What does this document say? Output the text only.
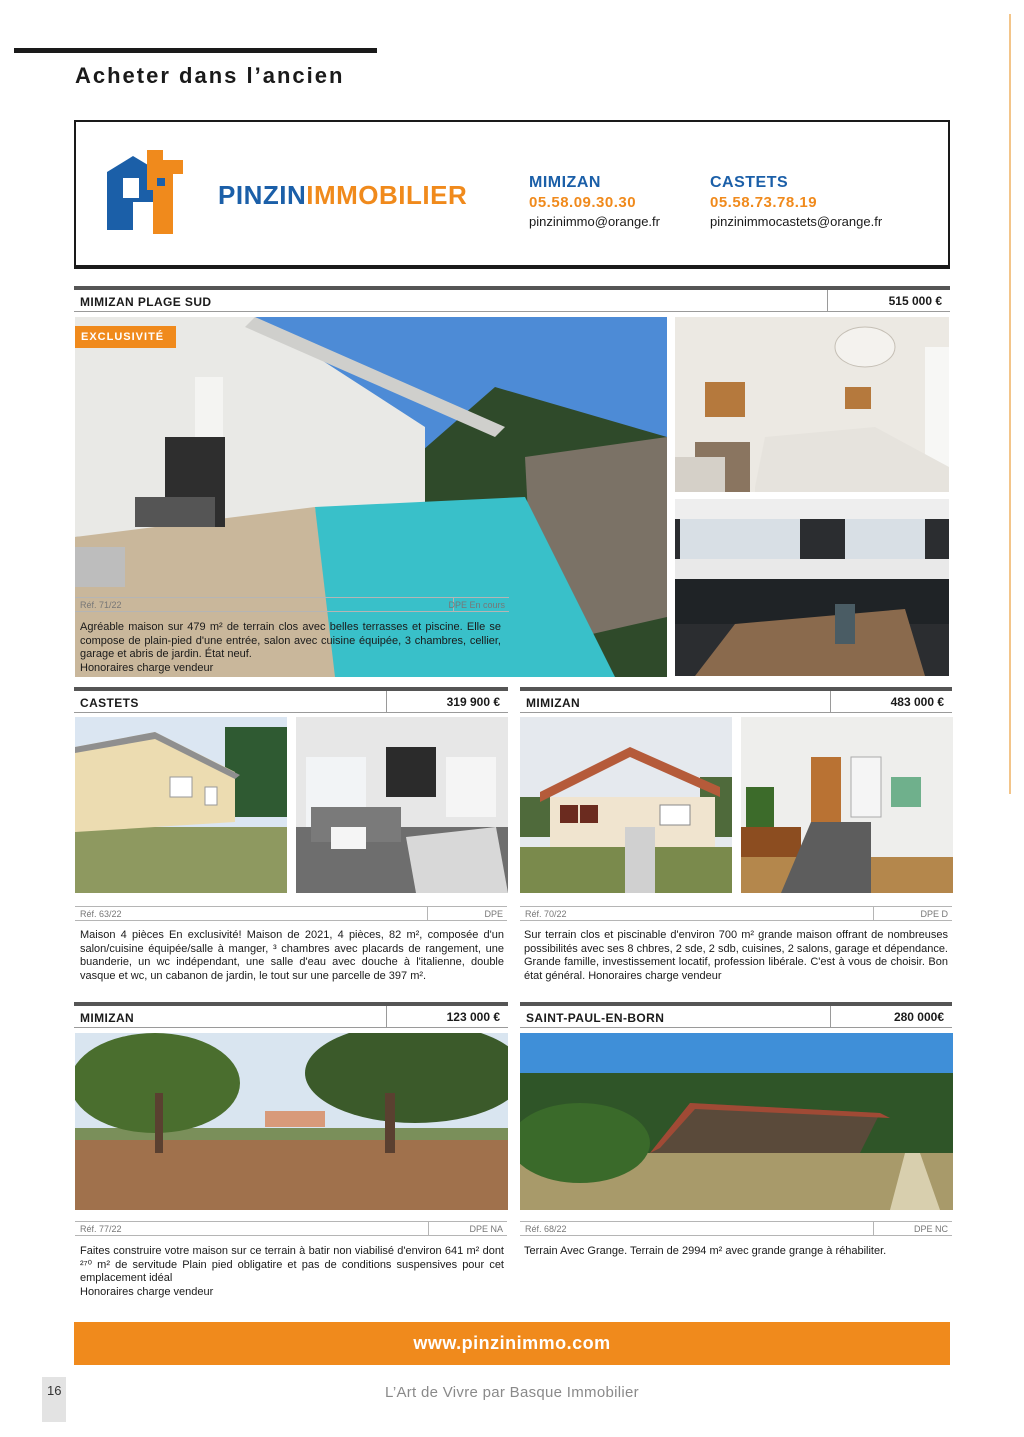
Acheter dans l’ancien
PINZINIMMOBILIER	MIMIZAN
05.58.09.30.30
pinzinimmo@orange.fr
CASTETS
05.58.73.78.19
pinzinimmocastets@orange.fr
MIMIZAN PLAGE SUD	515 000 €
EXCLUSIVITÉ
Réf. 71/22	DPE En cours
Agréable maison sur 479 m² de terrain clos avec belles terrasses et piscine. Elle se compose de plain-pied d'une entrée, salon avec cuisine équipée, 3 chambres, cellier, garage et abris de jardin. État neuf.
Honoraires charge vendeur
CASTETS	319 900 €
Réf. 63/22	DPE
Maison 4 pièces En exclusivité! Maison de 2021, 4 pièces, 82 m², composée d'un salon/cuisine équipée/salle à manger, ³ chambres avec placards de rangement, une buanderie, un wc indépendant, une salle d'eau avec douche à l'italienne, double vasque et wc, un cabanon de jardin, le tout sur une parcelle de 397 m².
MIMIZAN	483 000 €
Réf. 70/22	DPE D
Sur terrain clos et piscinable d'environ 700 m² grande maison offrant de nombreuses possibilités avec ses 8 chbres, 2 sde, 2 sdb, cuisines, 2 salons, garage et dépendance. Grande famille, investissement locatif, profession libérale. C'est à vous de choisir. Bon état général. Honoraires charge vendeur
MIMIZAN	123 000 €
Réf. 77/22	DPE NA
Faites construire votre maison sur ce terrain à batir non viabilisé d'environ 641 m² dont ²⁷⁰ m² de servitude Plain pied obligatire et pas de conditions suspensives pour cet emplacement idéal
Honoraires charge vendeur
SAINT-PAUL-EN-BORN	280 000€
Réf. 68/22	DPE NC
Terrain Avec Grange. Terrain de 2994 m² avec grande grange à réhabiliter.
www.pinzinimmo.com
16	L’Art de Vivre par Basque Immobilier
